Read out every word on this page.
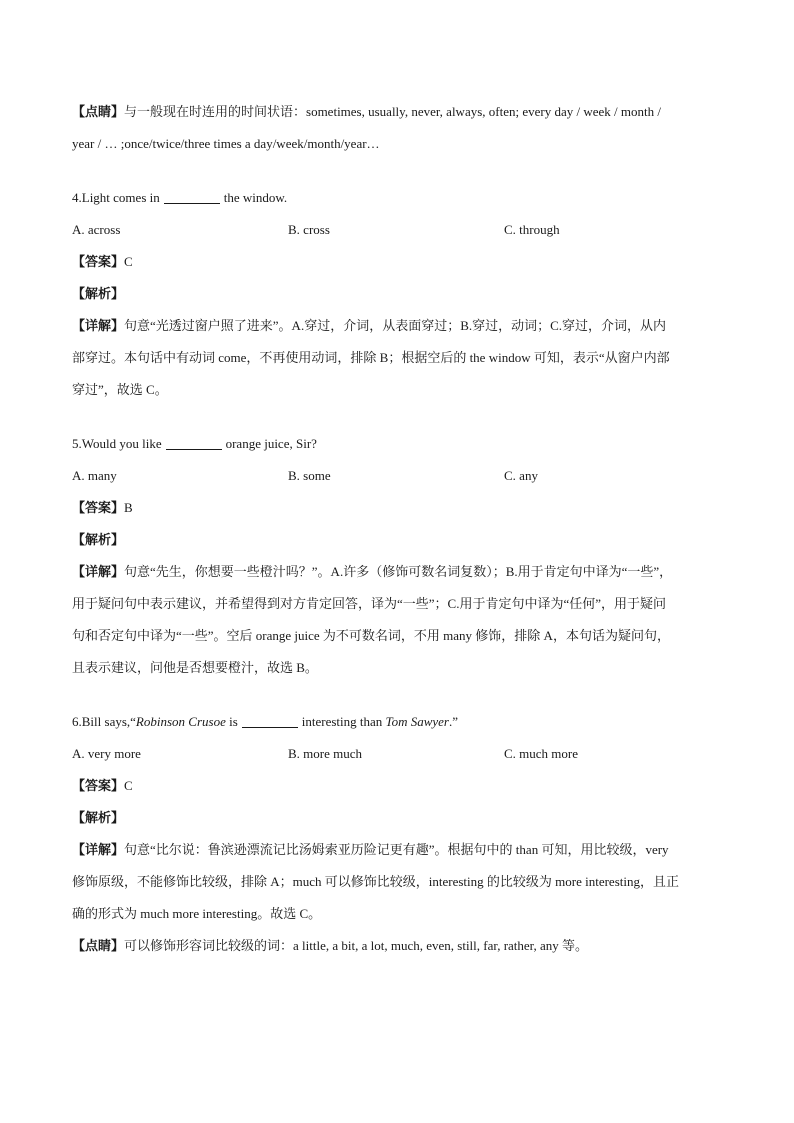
【点睛】与一般现在时连用的时间状语：sometimes, usually, never, always, often; every day / week / month /

year / … ;once/twice/three times a day/week/month/year…

4.Light comes in	the window.

A. across	B. cross	C. through

【答案】C

【解析】

【详解】句意“光透过窗户照了进来”。A.穿过，介词，从表面穿过；B.穿过，动词；C.穿过，介词，从内

部穿过。本句话中有动词 come，不再使用动词，排除 B；根据空后的 the window 可知，表示“从窗户内部

穿过”，故选 C。

5.Would you like	orange juice, Sir?

A. many	B. some	C. any

【答案】B

【解析】

【详解】句意“先生，你想要一些橙汁吗？”。A.许多（修饰可数名词复数）；B.用于肯定句中译为“一些”，

用于疑问句中表示建议，并希望得到对方肯定回答，译为“一些”；C.用于肯定句中译为“任何”，用于疑问

句和否定句中译为“一些”。空后 orange juice 为不可数名词，不用 many 修饰，排除 A，本句话为疑问句，

且表示建议，问他是否想要橙汁，故选 B。

6.Bill says,“Robinson Crusoe is	interesting than Tom Sawyer.”

A. very more	B. more much	C. much more

【答案】C

【解析】

【详解】句意“比尔说：鲁滨逊漂流记比汤姆索亚历险记更有趣”。根据句中的 than 可知，用比较级，very

修饰原级，不能修饰比较级，排除 A；much 可以修饰比较级，interesting 的比较级为 more interesting，且正

确的形式为 much more interesting。故选 C。

【点睛】可以修饰形容词比较级的词：a little, a bit, a lot, much, even, still, far, rather, any 等。
